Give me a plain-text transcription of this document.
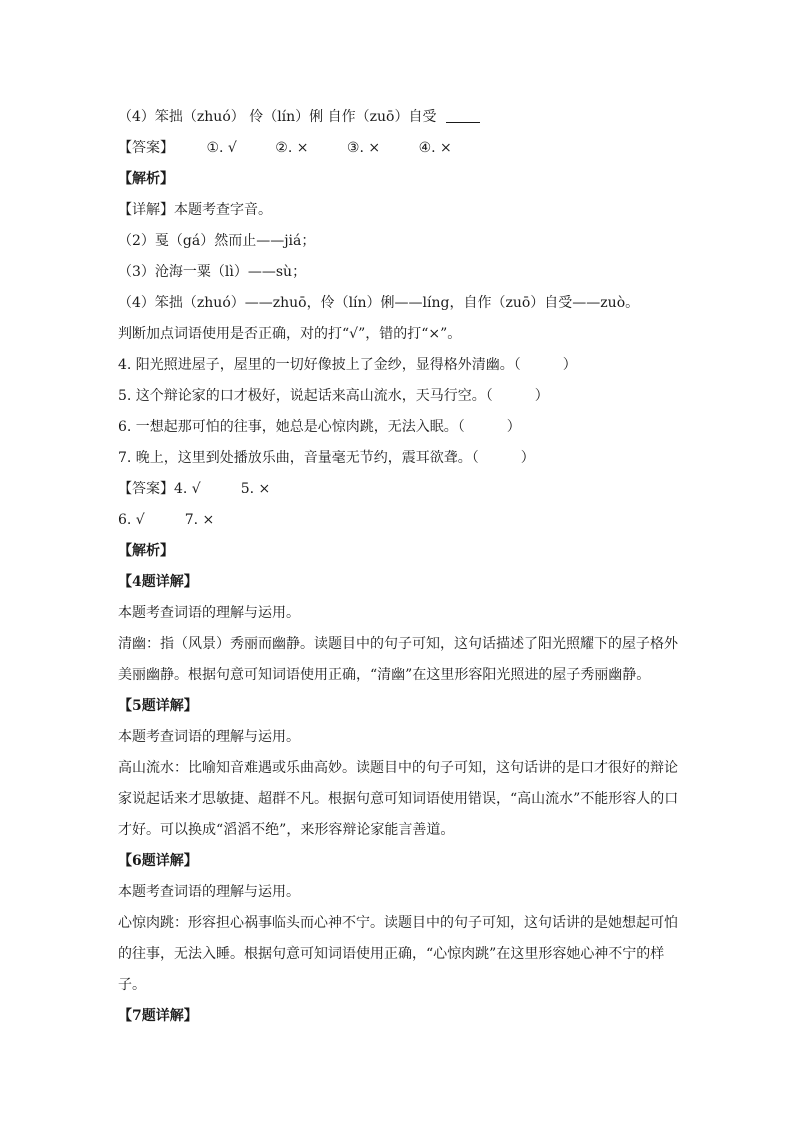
（4）笨拙（zhuó） 伶（lín）俐 自作（zuō）自受
【答案】 ①. √	②. ×	③. ×	④. ×
【解析】
【详解】本题考查字音。
（2）戛（gá）然而止——jiá；
（3）沧海一粟（lì）——sù；
（4）笨拙（zhuó）——zhuō，伶（lín）俐——líng，自作（zuō）自受——zuò。
判断加点词语使用是否正确，对的打“√”，错的打“×”。
4. 阳光照进屋子，屋里的一切好像披上了金纱，显得格外清幽。（　　　）
5. 这个辩论家的口才极好，说起话来高山流水，天马行空。（　　　）
6. 一想起那可怕的往事，她总是心惊肉跳，无法入眠。（　　　）
7. 晚上，这里到处播放乐曲，音量毫无节约，震耳欲聋。（　　　）
【答案】4. √	5. ×
6. √	7. ×
【解析】
【4题详解】
本题考查词语的理解与运用。
清幽：指（风景）秀丽而幽静。读题目中的句子可知，这句话描述了阳光照耀下的屋子格外美丽幽静。根据句意可知词语使用正确，“清幽”在这里形容阳光照进的屋子秀丽幽静。
【5题详解】
本题考查词语的理解与运用。
高山流水：比喻知音难遇或乐曲高妙。读题目中的句子可知，这句话讲的是口才很好的辩论家说起话来才思敏捷、超群不凡。根据句意可知词语使用错误，“高山流水”不能形容人的口才好。可以换成“滔滔不绝”，来形容辩论家能言善道。
【6题详解】
本题考查词语的理解与运用。
心惊肉跳：形容担心祸事临头而心神不宁。读题目中的句子可知，这句话讲的是她想起可怕的往事，无法入睡。根据句意可知词语使用正确，“心惊肉跳”在这里形容她心神不宁的样子。
【7题详解】
